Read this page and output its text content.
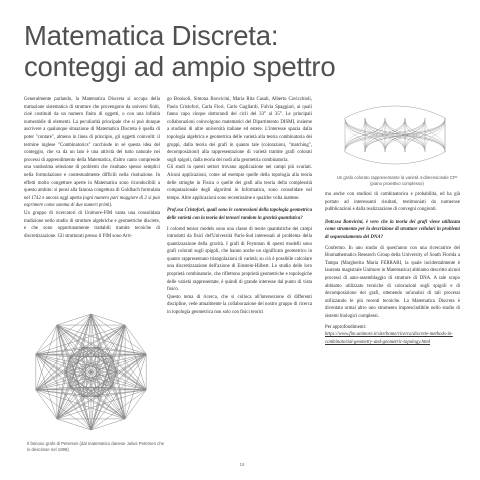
Matematica Discreta:
conteggi ad ampio spettro

Generalmente parlando, la Matematica Discreta si occupa della trattazione sistematica di strutture che provengono da universi finiti, cioè costituiti da un numero finito di oggetti, o con una infinità numerabile di elementi. La peculiarità principale che si può dunque ascrivere a qualunque situazione di Matematica Discreta è quella di poter "contare", almeno in linea di principio, gli oggetti coinvolti: il termine inglese "Combinatorics" racchiude in sé questa idea del conteggio, che va da un lato è una attività del tutto naturale nei processi di apprendimento della Matematica, d'altro canto comprende una vastissima selezione di problemi che risultano spesso semplici nella formulazione e contestualmente difficili nella risoluzione. In effetti molto congetture aperte in Matematica sono riconducibili a questo ambito: si pensi alla famosa congettura di Goldbach formulata nel 1742 e ancora oggi aperta (ogni numero pari maggiore di 2 si può esprimere come somma di due numeri primi).

Un gruppo di ricercatori di Unimore-FIM vanta una consolidata tradizione nello studio di strutture algebriche e geometriche discrete, e che sono opportunamente trattabili tramite tecniche di discretizzazione. Gli strutturati presso il FIM sono Arri-

Il famoso grafo di Petersen (dal matematico danese Julius Petersen che lo descrisse nel 1898)

go Bonisoli, Simona Bonvicini, Maria Rita Casali, Alberto Cavicchioli, Paola Cristofori, Carla Fiori, Carlo Gagliardi, Fulvia Spaggiari, ai quali fanno capo cinque dottorandi dei cicli del 33° al 35°. Le principali collaborazioni coinvolgono matematici del Dipartimento DISMI, insieme a studiosi di altre università italiane ed estere. L'interesse spazia dalla topologia algebrica e geometrica delle varietà alla teoria combinatoria dei gruppi, dalla teoria dei grafi in quanto tale (colorazioni, "matching", decomposizioni) alla rappresentazione di varietà tramite grafi colorati sugli spigoli, dalla teoria dei nodi alla geometria combinatoria.

Gli studi in questi settori trovano applicazione nei campi più svariati. Alcuni applicazioni, come ad esempio quelle della topologia alla teoria delle stringhe in Fisica o quelle dei grafi alla teoria della complessità computazionale degli algoritmi in Informatica, sono consolidate nel tempo. Altre applicazioni sono recentissime e qualche volta inattese.

Prof.ssa Cristofori, quali sono le connessioni della topologia geometrica delle varietà con la teoria dei tensori random in gravità quantistica?

I colored tensor models sono una classe di teorie quantistiche dei campi introdotti da fisici del'Università Paris-Sud interessati al problema della quantizzazione della gravità. I grafi di Feynman di questi modelli sono grafi colorati sugli spigoli, che hanno anche un significato geometrico in quanto rappresentano triangolazioni di varietà; su ciò è possibile calcolare una discretizzazione dell'azione di Einstein-Hilbert. Lo studio delle loro proprietà combinatorie, che riflettono proprietà geometriche e topologiche delle varietà rappresentate, è quindi di grande interesse dal punto di vista fisico.

Questo tema di ricerca, che si colloca all'intersezione di differenti discipline, vede attualmente la collaborazione del nostro gruppo di ricerca in topologia geometrica non solo con fisici teorici

Un grafo colorato rappresentante la varietà 4-dimensionale CP² (piano proiettivo complesso)

ma anche con studiosi di combinatorica e probabilità, ed ha già portato ad interessanti risultati, testimoniati da numerose pubblicazioni e dalla realizzazione di convegni congiunti.

Dott.ssa Bonvicini, è vero che la teoria dei grafi viene utilizzata come strumento per la descrizione di strutture cellulari in problemi di sequenziamento del DNA?

Confermo. In uno studio di quest'anno con una ricercatrice del Biomathematics Research Group della University of South Florida a Tampa (Margherita Maria FERRARI, la quale incidentalmente è laureata magistrale Unimore in Matematica) abbiamo descritto alcuni processi di auto-assemblaggio di strutture di DNA. A tale scopo abbiamo utilizzato tecniche di colorazioni sugli spigoli e di decomposizione dei grafi, ottenendo un'analisi di tali processi utilizzando le più recenti tecniche. La Matematica Discreta è diventata ormai altro uno strumento imprescindibile nello studio di sistemi biologici complessi.

Per approfondimenti:

https://www.fim.unimore.it/site/home/ricerca/discrete-methods-in-combinatorial-geometry-and-geometric-topology.html

18
